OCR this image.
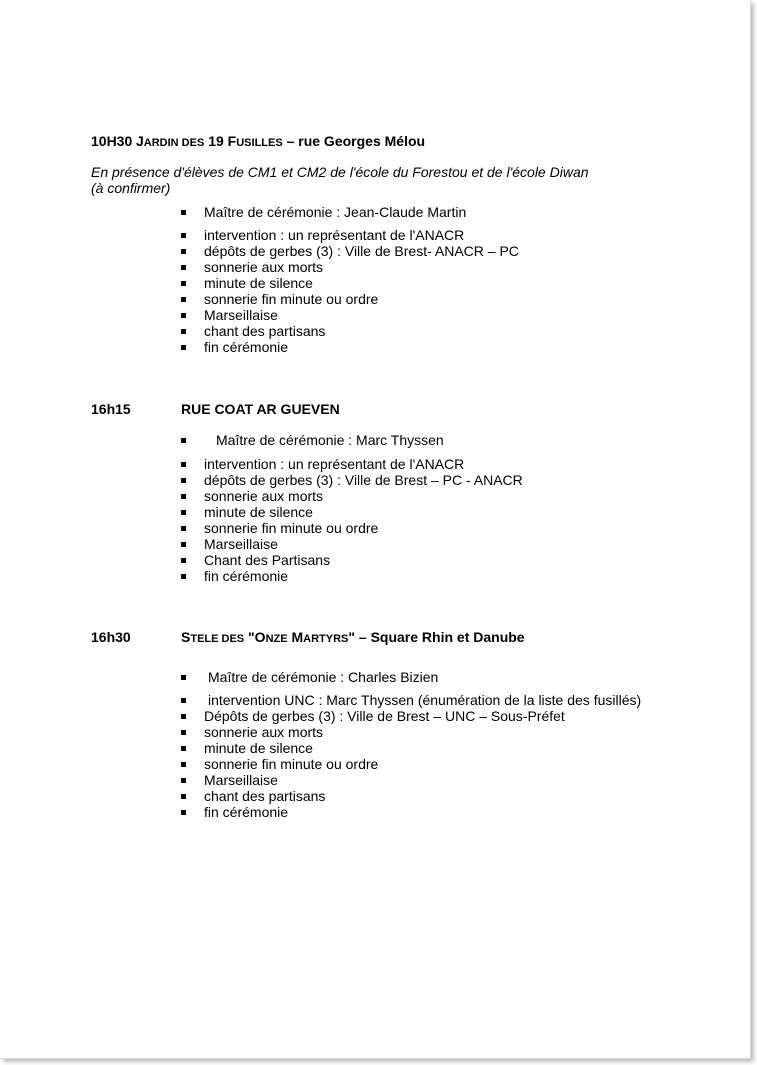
10H30 JARDIN DES 19 FUSILLES – rue Georges Mélou
En présence d'élèves de CM1 et CM2 de l'école du Forestou et de l'école Diwan
(à confirmer)
Maître de cérémonie : Jean-Claude Martin
intervention : un représentant de l'ANACR
dépôts de gerbes (3) : Ville de Brest- ANACR – PC
sonnerie aux morts
minute de silence
sonnerie fin minute ou ordre
Marseillaise
chant des partisans
fin cérémonie
16h15	RUE COAT AR GUEVEN
Maître de cérémonie : Marc Thyssen
intervention : un représentant de l'ANACR
dépôts de gerbes (3) : Ville de Brest – PC - ANACR
sonnerie aux morts
minute de silence
sonnerie fin minute ou ordre
Marseillaise
Chant des Partisans
fin cérémonie
16h30	STELE DES "ONZE MARTYRS" – Square Rhin et Danube
Maître de cérémonie : Charles Bizien
intervention UNC : Marc Thyssen (énumération de la liste des fusillés)
Dépôts de gerbes (3) : Ville de Brest – UNC – Sous-Préfet
sonnerie aux morts
minute de silence
sonnerie fin minute ou ordre
Marseillaise
chant des partisans
fin cérémonie
